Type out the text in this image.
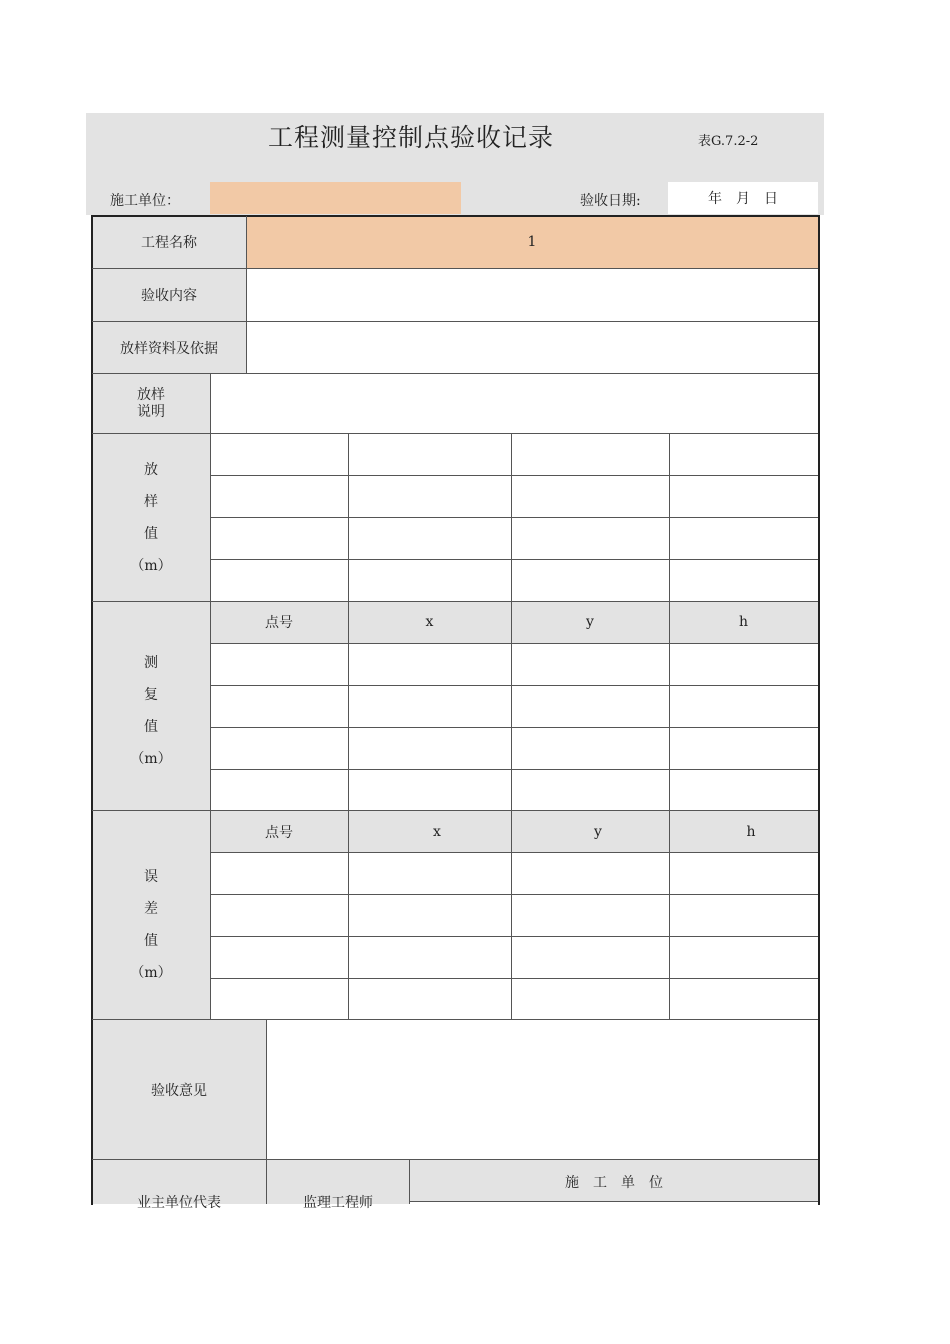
工程测量控制点验收记录	表G.7.2-2
施工单位：	验收日期:	年　月　日
工程名称	1
验收内容
放样资料及依据
放样
说明
放
样
值
（m）
点号	x	y	h
测
复
值
（m）
点号	x	y	h
误
差
值
（m）
验收意见
业主单位代表	监理工程师
施　工　单　位
